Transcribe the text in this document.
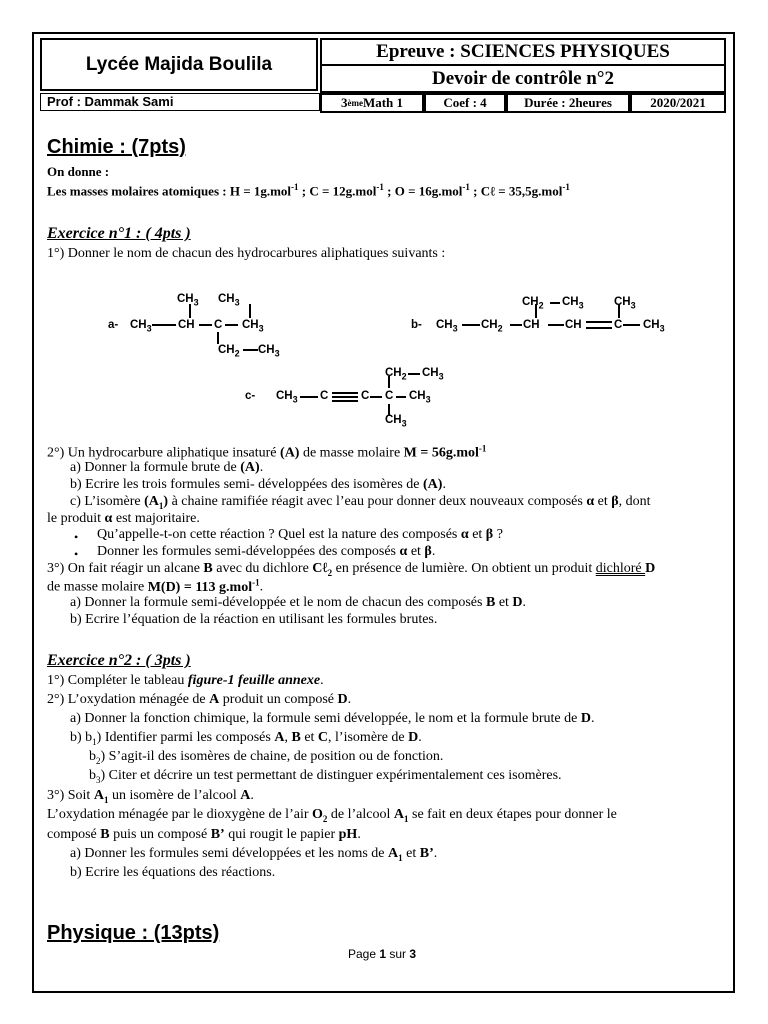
Lycée Majida Boulila
Epreuve : SCIENCES PHYSIQUES
Devoir de contrôle n°2
Prof : Dammak Sami	3 ème Math 1	Coef : 4	Durée : 2heures	2020/2021
Chimie : (7pts)
On donne :
Les masses molaires atomiques : H = 1g.mol$^{-1}$ ; C = 12g.mol$^{-1}$ ; O = 16g.mol$^{-1}$ ; Cℓ = 35,5g.mol$^{-1}$
Exercice n°1 : ( 4pts )
1°) Donner le nom de chacun des hydrocarbures aliphatiques suivants :
a-
$CH_3$ $CH_3$
$CH_3$ CH C $CH_3$
$CH_2$ $CH_3$
b-
$CH_2$ $CH_3$	$CH_3$
$CH_3$ $CH_2$ CH CH	C $CH_3$
c-
$CH_2$ $CH_3$
$CH_3$ C	C C $CH_3$
$CH_3$
2°) Un hydrocarbure aliphatique insaturé (A) de masse molaire M = 56g.mol$^{-1}$
a) Donner la formule brute de (A).
b) Ecrire les trois formules semi- développées des isomères de (A).
c) L’isomère $(A_1)$ à chaine ramifiée réagit avec l’eau pour donner deux nouveaux composés α et β, dont
le produit α est majoritaire.
• Qu’appelle-t-on cette réaction ? Quel est la nature des composés α et β ?
• Donner les formules semi-développées des composés α et β.
3°) On fait réagir un alcane B avec du dichlore Cℓ$_2$ en présence de lumière. On obtient un produit dichloré D
de masse molaire M(D) = 113 g.mol$^{-1}$.
a) Donner la formule semi-développée et le nom de chacun des composés B et D.
b) Ecrire l’équation de la réaction en utilisant les formules brutes.
Exercice n°2 : ( 3pts )
1°) Compléter le tableau figure-1 feuille annexe.
2°) L’oxydation ménagée de A produit un composé D.
a) Donner la fonction chimique, la formule semi développée, le nom et la formule brute de D.
b) $b_1$) Identifier parmi les composés A, B et C, l’isomère de D.
$b_2$) S’agit-il des isomères de chaine, de position ou de fonction.
$b_3$) Citer et décrire un test permettant de distinguer expérimentalement ces isomères.
3°) Soit $A_1$ un isomère de l’alcool A.
L’oxydation ménagée par le dioxygène de l’air $O_2$ de l’alcool $A_1$ se fait en deux étapes pour donner le
composé B puis un composé B’ qui rougit le papier pH.
a) Donner les formules semi développées et les noms de $A_1$ et B’.
b) Ecrire les équations des réactions.
Physique : (13pts)
Page 1 sur 3
